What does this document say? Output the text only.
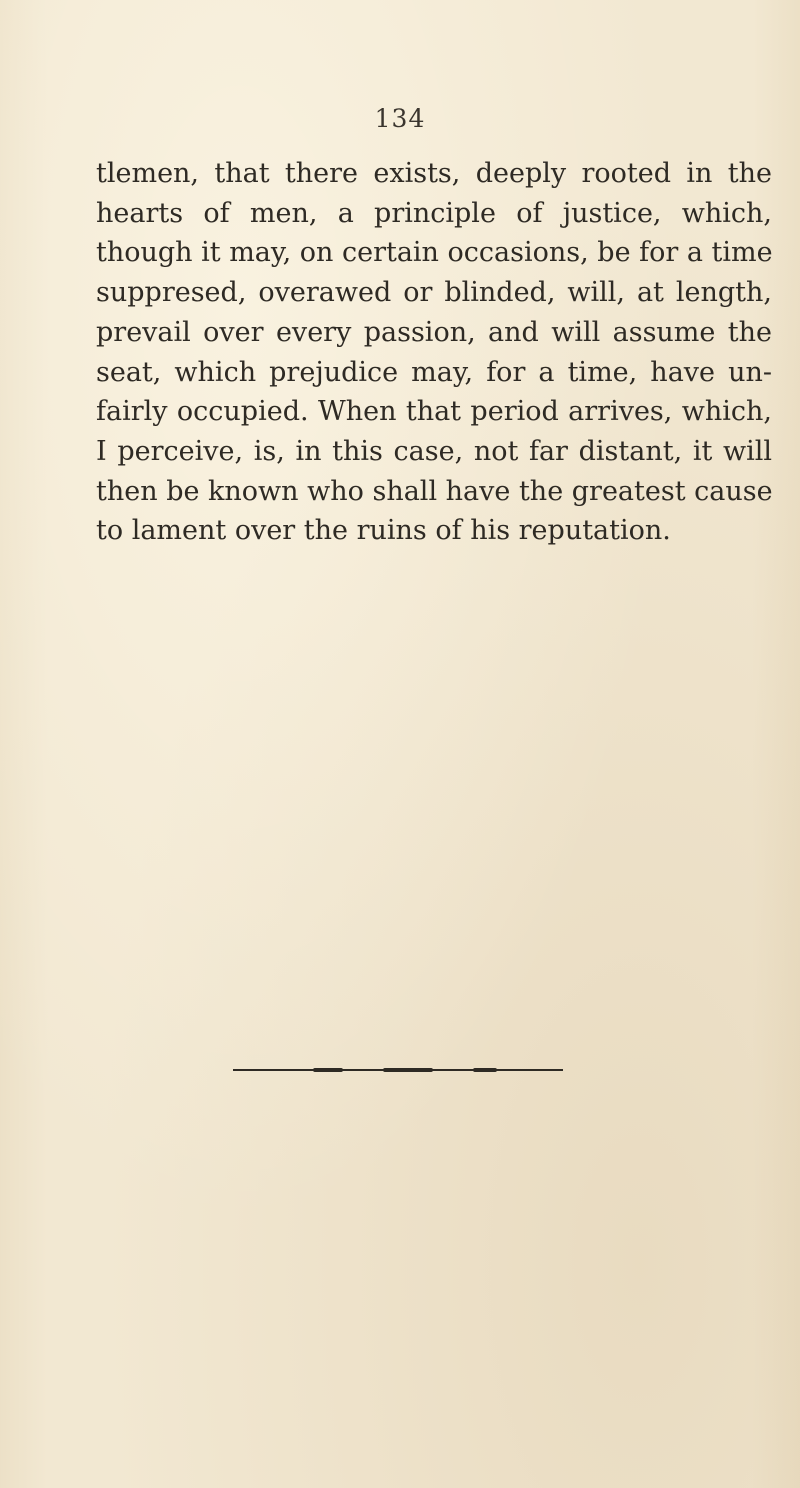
134
tlemen, that there exists, deeply rooted in the
hearts of men, a principle of justice, which,
though it may, on certain occasions, be for a time
suppresed, overawed or blinded, will, at length,
prevail over every passion, and will assume the
seat, which prejudice may, for a time, have un-
fairly occupied. When that period arrives, which,
I perceive, is, in this case, not far distant, it will
then be known who shall have the greatest cause
to lament over the ruins of his reputation.
